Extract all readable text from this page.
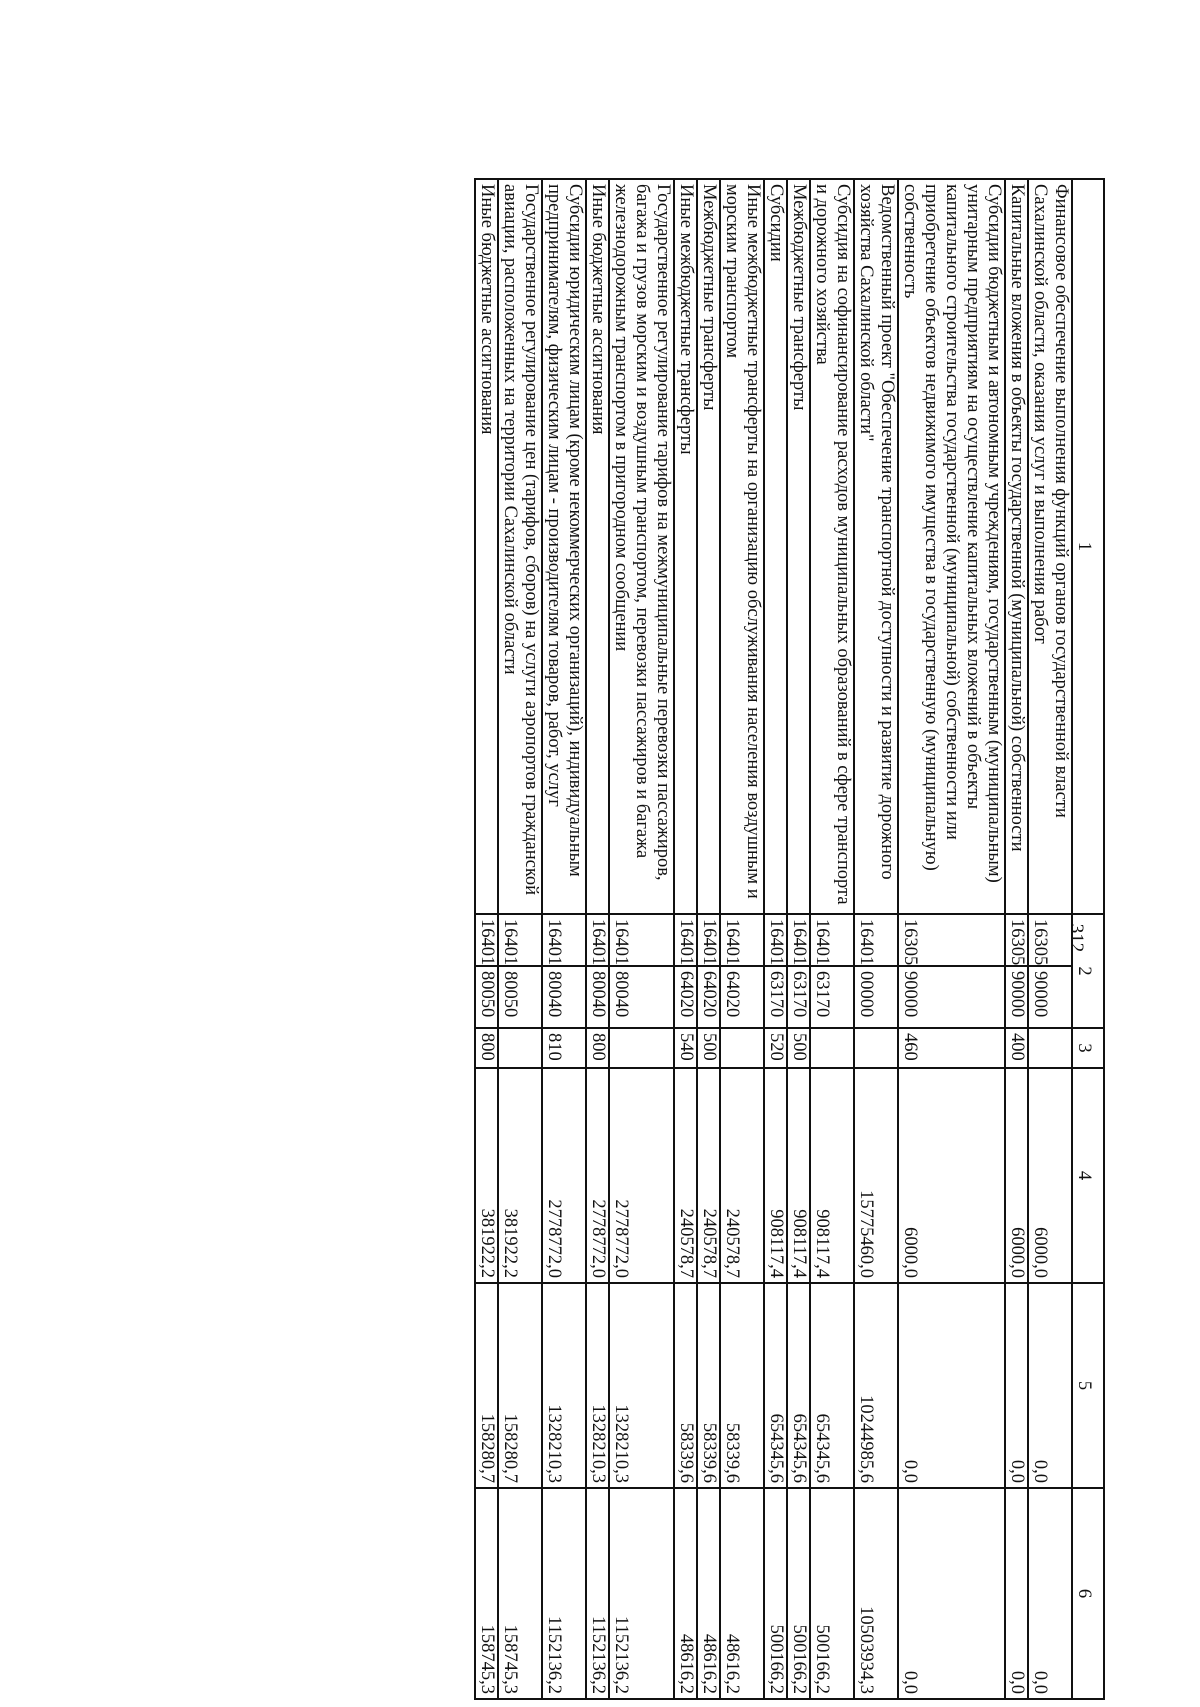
312
1	2		3	4	5	6
Финансовое обеспечение выполнения функций органов государственной власти Сахалинской области, оказания услуг и выполнения работ	16305	90000		6000,0	0,0	0,0
Капитальные вложения в объекты государственной (муниципальной) собственности	16305	90000	400	6000,0	0,0	0,0
Субсидии бюджетным и автономным учреждениям, государственным (муниципальным) унитарным предприятиям на осуществление капитальных вложений в объекты капитального строительства государственной (муниципальной) собственности или приобретение объектов недвижимого имущества в государственную (муниципальную) собственность	16305	90000	460	6000,0	0,0	0,0
Ведомственный проект "Обеспечение транспортной доступности и развитие дорожного хозяйства Сахалинской области"	16401	00000		15775460,0	10244985,6	10503934,3
Субсидия на софинансирование расходов муниципальных образований в сфере транспорта и дорожного хозяйства	16401	63170		908117,4	654345,6	500166,2
Межбюджетные трансферты	16401	63170	500	908117,4	654345,6	500166,2
Субсидии	16401	63170	520	908117,4	654345,6	500166,2
Иные межбюджетные трансферты на организацию обслуживания населения воздушным и морским транспортом	16401	64020		240578,7	58339,6	48616,2
Межбюджетные трансферты	16401	64020	500	240578,7	58339,6	48616,2
Иные межбюджетные трансферты	16401	64020	540	240578,7	58339,6	48616,2
Государственное регулирование тарифов на межмуниципальные перевозки пассажиров, багажа и грузов морским и воздушным транспортом, перевозки пассажиров и багажа железнодорожным транспортом в пригородном сообщении	16401	80040		2778772,0	1328210,3	1152136,2
Иные бюджетные ассигнования	16401	80040	800	2778772,0	1328210,3	1152136,2
Субсидии юридическим лицам (кроме некоммерческих организаций), индивидуальным предпринимателям, физическим лицам - производителям товаров, работ, услуг	16401	80040	810	2778772,0	1328210,3	1152136,2
Государственное регулирование цен (тарифов, сборов) на услуги аэропортов гражданской авиации, расположенных на территории Сахалинской области	16401	80050		381922,2	158280,7	158745,3
Иные бюджетные ассигнования	16401	80050	800	381922,2	158280,7	158745,3
